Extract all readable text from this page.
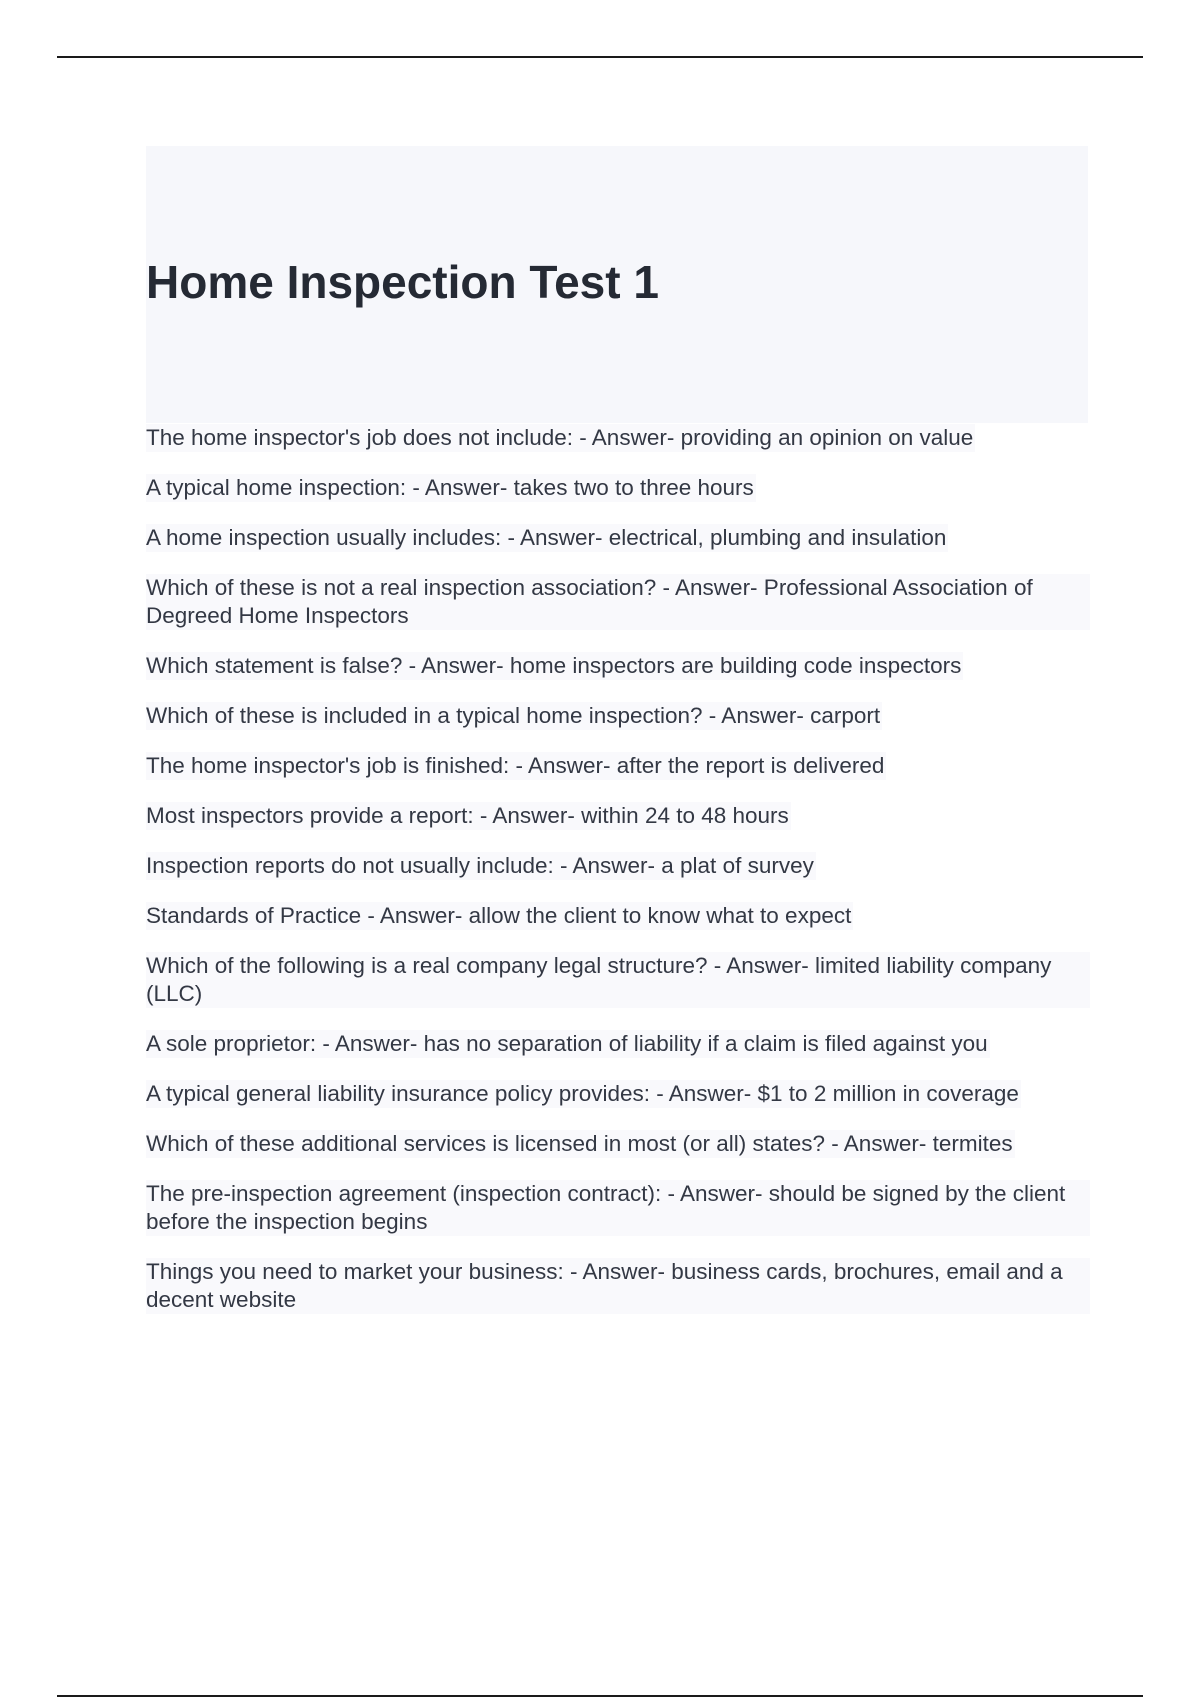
Home Inspection Test 1
The home inspector's job does not include: - Answer- providing an opinion on value
A typical home inspection: - Answer- takes two to three hours
A home inspection usually includes: - Answer- electrical, plumbing and insulation
Which of these is not a real inspection association? - Answer- Professional Association of Degreed Home Inspectors
Which statement is false? - Answer- home inspectors are building code inspectors
Which of these is included in a typical home inspection? - Answer- carport
The home inspector's job is finished: - Answer- after the report is delivered
Most inspectors provide a report: - Answer- within 24 to 48 hours
Inspection reports do not usually include: - Answer- a plat of survey
Standards of Practice - Answer- allow the client to know what to expect
Which of the following is a real company legal structure? - Answer- limited liability company (LLC)
A sole proprietor: - Answer- has no separation of liability if a claim is filed against you
A typical general liability insurance policy provides: - Answer- $1 to 2 million in coverage
Which of these additional services is licensed in most (or all) states? - Answer- termites
The pre-inspection agreement (inspection contract): - Answer- should be signed by the client before the inspection begins
Things you need to market your business: - Answer- business cards, brochures, email and a decent website
